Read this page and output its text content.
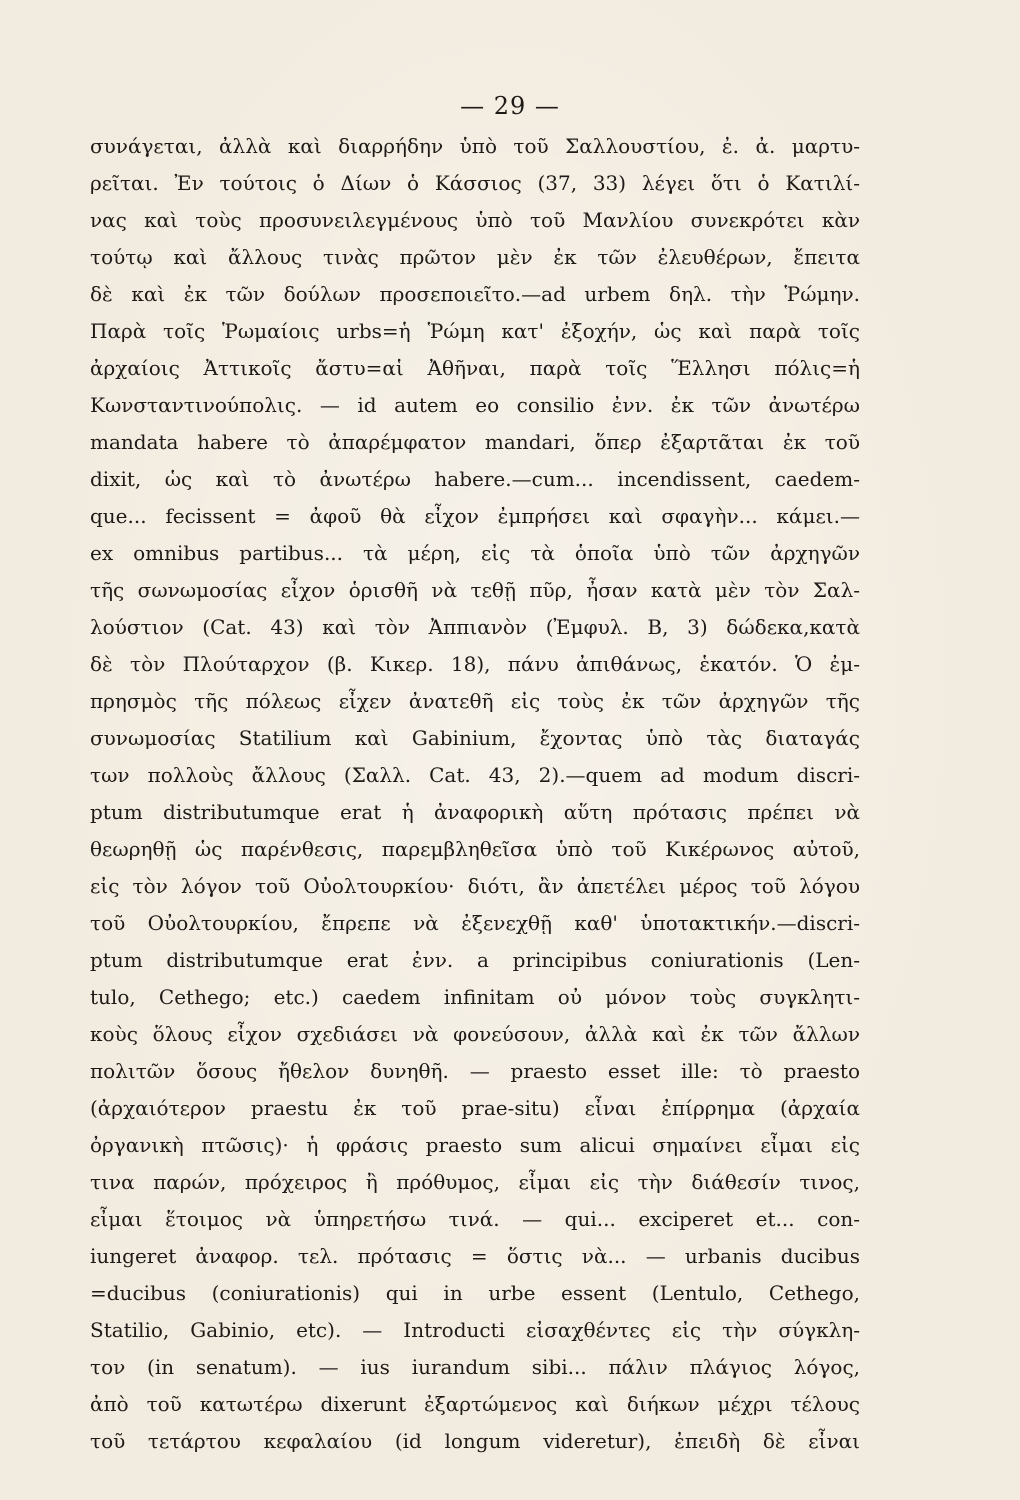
— 29 —

συνάγεται, ἀλλὰ καὶ διαρρήδην ὑπὸ τοῦ Σαλλουστίου, ἐ. ἀ. μαρτυ-
ρεῖται. Ἐν τούτοις ὁ Δίων ὁ Κάσσιος (37, 33) λέγει ὅτι ὁ Κατιλί-
νας καὶ τοὺς προσυνειλεγμένους ὑπὸ τοῦ Μανλίου συνεκρότει κὰν
τούτῳ καὶ ἄλλους τινὰς πρῶτον μὲν ἐκ τῶν ἐλευθέρων, ἔπειτα
δὲ καὶ ἐκ τῶν δούλων προσεποιεῖτο.—ad urbem δηλ. τὴν Ῥώμην.
Παρὰ τοῖς Ῥωμαίοις urbs=ἡ Ῥώμη κατ' ἐξοχήν, ὡς καὶ παρὰ τοῖς
ἀρχαίοις Ἀττικοῖς ἄστυ=αἱ Ἀθῆναι, παρὰ τοῖς Ἕλλησι πόλις=ἡ
Κωνσταντινούπολις. — id autem eo consilio ἐνν. ἐκ τῶν ἀνωτέρω
mandata habere τὸ ἀπαρέμφατον mandari, ὅπερ ἐξαρτᾶται ἐκ τοῦ
dixit, ὡς καὶ τὸ ἀνωτέρω habere.—cum... incendissent, caedem-
que... fecissent = ἀφοῦ θὰ εἶχον ἐμπρήσει καὶ σφαγὴν... κάμει.—
ex omnibus partibus... τὰ μέρη, εἰς τὰ ὁποῖα ὑπὸ τῶν ἀρχηγῶν
τῆς σωνωμοσίας εἶχον ὁρισθῆ νὰ τεθῇ πῦρ, ἦσαν κατὰ μὲν τὸν Σαλ-
λούστιον (Cat. 43) καὶ τὸν Ἀππιανὸν (Ἐμφυλ. Β, 3) δώδεκα,κατὰ
δὲ τὸν Πλούταρχον (β. Κικερ. 18), πάνυ ἀπιθάνως, ἑκατόν. Ὁ ἐμ-
πρησμὸς τῆς πόλεως εἶχεν ἀνατεθῆ εἰς τοὺς ἐκ τῶν ἀρχηγῶν τῆς
συνωμοσίας Statilium καὶ Gabinium, ἔχοντας ὑπὸ τὰς διαταγάς
των πολλοὺς ἄλλους (Σαλλ. Cat. 43, 2).—quem ad modum discri-
ptum distributumque erat ἡ ἀναφορικὴ αὕτη πρότασις πρέπει νὰ
θεωρηθῇ ὡς παρένθεσις, παρεμβληθεῖσα ὑπὸ τοῦ Κικέρωνος αὐτοῦ,
εἰς τὸν λόγον τοῦ Οὐολτουρκίου· διότι, ἂν ἀπετέλει μέρος τοῦ λόγου
τοῦ Οὐολτουρκίου, ἔπρεπε νὰ ἐξενεχθῇ καθ' ὑποτακτικήν.—discri-
ptum distributumque erat ἐνν. a principibus coniurationis (Len-
tulo, Cethego; etc.) caedem infinitam οὐ μόνον τοὺς συγκλητι-
κοὺς ὅλους εἶχον σχεδιάσει νὰ φονεύσουν, ἀλλὰ καὶ ἐκ τῶν ἄλλων
πολιτῶν ὅσους ἤθελον δυνηθῆ. — praesto esset ille: τὸ praesto
(ἀρχαιότερον praestu ἐκ τοῦ prae-situ) εἶναι ἐπίρρημα (ἀρχαία
ὀργανικὴ πτῶσις)· ἡ φράσις praesto sum alicui σημαίνει εἶμαι εἰς
τινα παρών, πρόχειρος ἢ πρόθυμος, εἶμαι εἰς τὴν διάθεσίν τινος,
εἶμαι ἕτοιμος νὰ ὑπηρετήσω τινά. — qui... exciperet et... con-
iungeret ἀναφορ. τελ. πρότασις = ὅστις νὰ... — urbanis ducibus
=ducibus (coniurationis) qui in urbe essent (Lentulo, Cethego,
Statilio, Gabinio, etc). — Introducti εἰσαχθέντες εἰς τὴν σύγκλη-
τον (in senatum). — ius iurandum sibi... πάλιν πλάγιος λόγος,
ἀπὸ τοῦ κατωτέρω dixerunt ἐξαρτώμενος καὶ διήκων μέχρι τέλους
τοῦ τετάρτου κεφαλαίου (id longum videretur), ἐπειδὴ δὲ εἶναι
